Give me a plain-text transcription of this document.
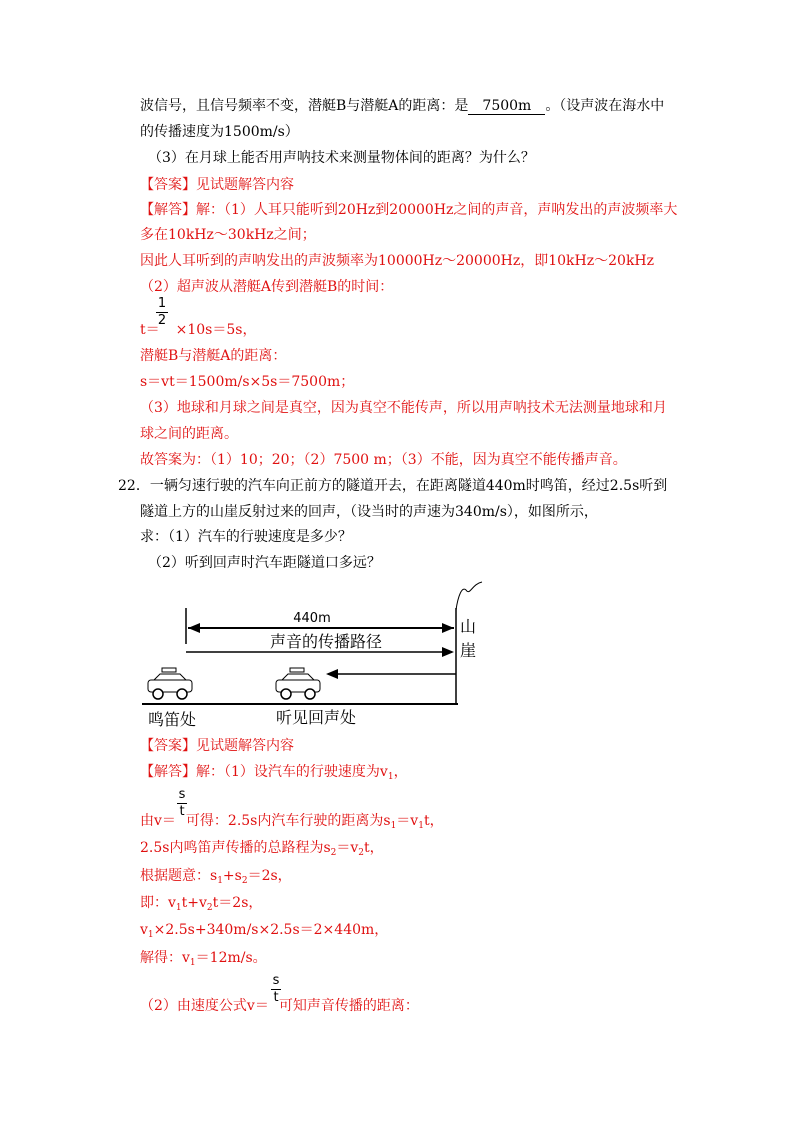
波信号，且信号频率不变，潜艇B与潜艇A的距离：是 7500m 。（设声波在海水中
的传播速度为1500m/s）
（3）在月球上能否用声呐技术来测量物体间的距离？为什么？
【答案】见试题解答内容
【解答】解：（1）人耳只能听到20Hz到20000Hz之间的声音，声呐发出的声波频率大
多在10kHz～30kHz之间；
因此人耳听到的声呐发出的声波频率为10000Hz～20000Hz，即10kHz～20kHz
（2）超声波从潜艇A传到潜艇B的时间：
1
2
t＝ ×10s＝5s，
潜艇B与潜艇A的距离：
s＝vt＝1500m/s×5s＝7500m；
（3）地球和月球之间是真空，因为真空不能传声，所以用声呐技术无法测量地球和月
球之间的距离。
故答案为：（1）10；20；（2）7500 m；（3）不能，因为真空不能传播声音。
22．一辆匀速行驶的汽车向正前方的隧道开去，在距离隧道440m时鸣笛，经过2.5s听到
隧道上方的山崖反射过来的回声，（设当时的声速为340m/s），如图所示，
求：（1）汽车的行驶速度是多少？
（2）听到回声时汽车距隧道口多远？
440m
声音的传播路径
山
崖
鸣笛处	听见回声处
【答案】见试题解答内容
【解答】解：（1）设汽车的行驶速度为$v_1$，
s
t
由v＝ 可得：2.5s内汽车行驶的距离为$s_1=v_1t$，
2.5s内鸣笛声传播的总路程为$s_2=v_2t$，
根据题意：$s_1+s_2=2s$，
即：$v_1t+v_2t=2s$，
$v_1\times 2.5s+340m/s\times 2.5s=2\times 440m$，
解得：$v_1=12m/s$。
s
t
（2）由速度公式v＝ 可知声音传播的距离：
